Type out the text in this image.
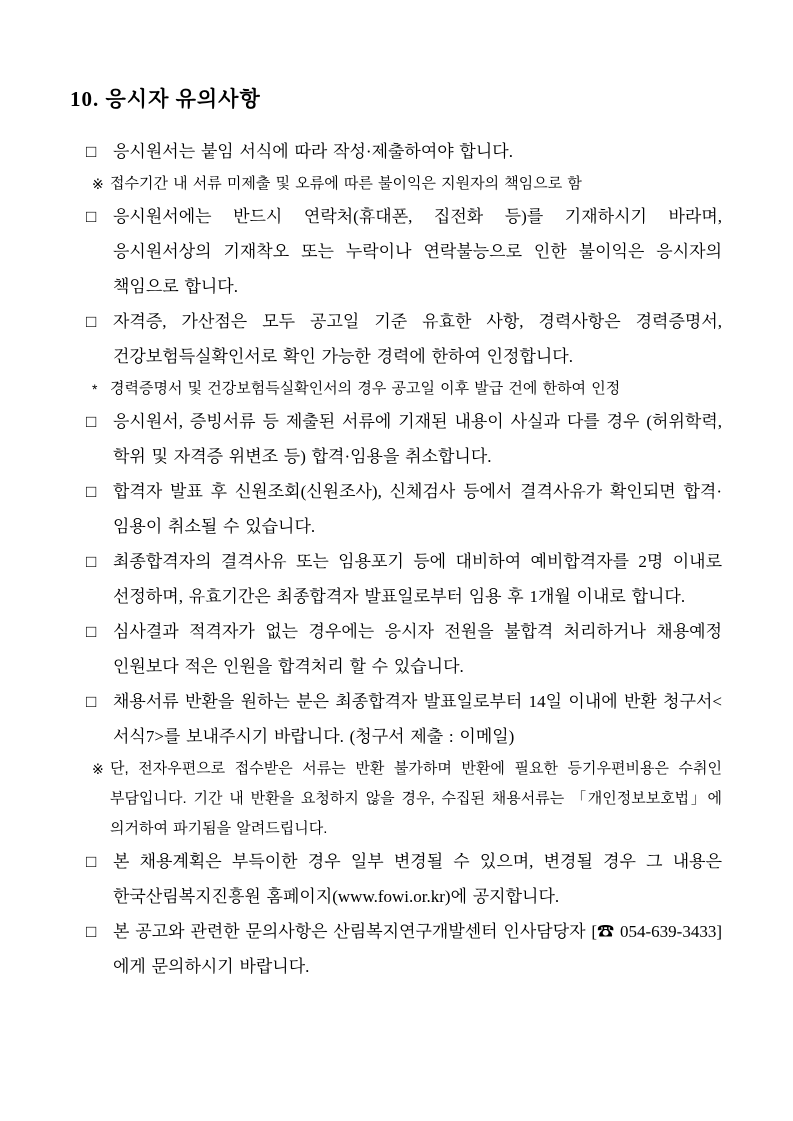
10. 응시자 유의사항
□ 응시원서는 붙임 서식에 따라 작성·제출하여야 합니다.
※ 접수기간 내 서류 미제출 및 오류에 따른 불이익은 지원자의 책임으로 함
□ 응시원서에는 반드시 연락처(휴대폰, 집전화 등)를 기재하시기 바라며, 응시원서상의 기재착오 또는 누락이나 연락불능으로 인한 불이익은 응시자의 책임으로 합니다.
□ 자격증, 가산점은 모두 공고일 기준 유효한 사항, 경력사항은 경력증명서, 건강보험득실확인서로 확인 가능한 경력에 한하여 인정합니다.
* 경력증명서 및 건강보험득실확인서의 경우 공고일 이후 발급 건에 한하여 인정
□ 응시원서, 증빙서류 등 제출된 서류에 기재된 내용이 사실과 다를 경우 (허위학력, 학위 및 자격증 위변조 등) 합격·임용을 취소합니다.
□ 합격자 발표 후 신원조회(신원조사), 신체검사 등에서 결격사유가 확인되면 합격·임용이 취소될 수 있습니다.
□ 최종합격자의 결격사유 또는 임용포기 등에 대비하여 예비합격자를 2명 이내로 선정하며, 유효기간은 최종합격자 발표일로부터 임용 후 1개월 이내로 합니다.
□ 심사결과 적격자가 없는 경우에는 응시자 전원을 불합격 처리하거나 채용예정 인원보다 적은 인원을 합격처리 할 수 있습니다.
□ 채용서류 반환을 원하는 분은 최종합격자 발표일로부터 14일 이내에 반환 청구서<서식7>를 보내주시기 바랍니다. (청구서 제출 : 이메일)
※ 단, 전자우편으로 접수받은 서류는 반환 불가하며 반환에 필요한 등기우편비용은 수취인 부담입니다. 기간 내 반환을 요청하지 않을 경우, 수집된 채용서류는 「개인정보보호법」에 의거하여 파기됨을 알려드립니다.
□ 본 채용계획은 부득이한 경우 일부 변경될 수 있으며, 변경될 경우 그 내용은 한국산림복지진흥원 홈페이지(www.fowi.or.kr)에 공지합니다.
□ 본 공고와 관련한 문의사항은 산림복지연구개발센터 인사담당자 [☎ 054-639-3433]에게 문의하시기 바랍니다.
